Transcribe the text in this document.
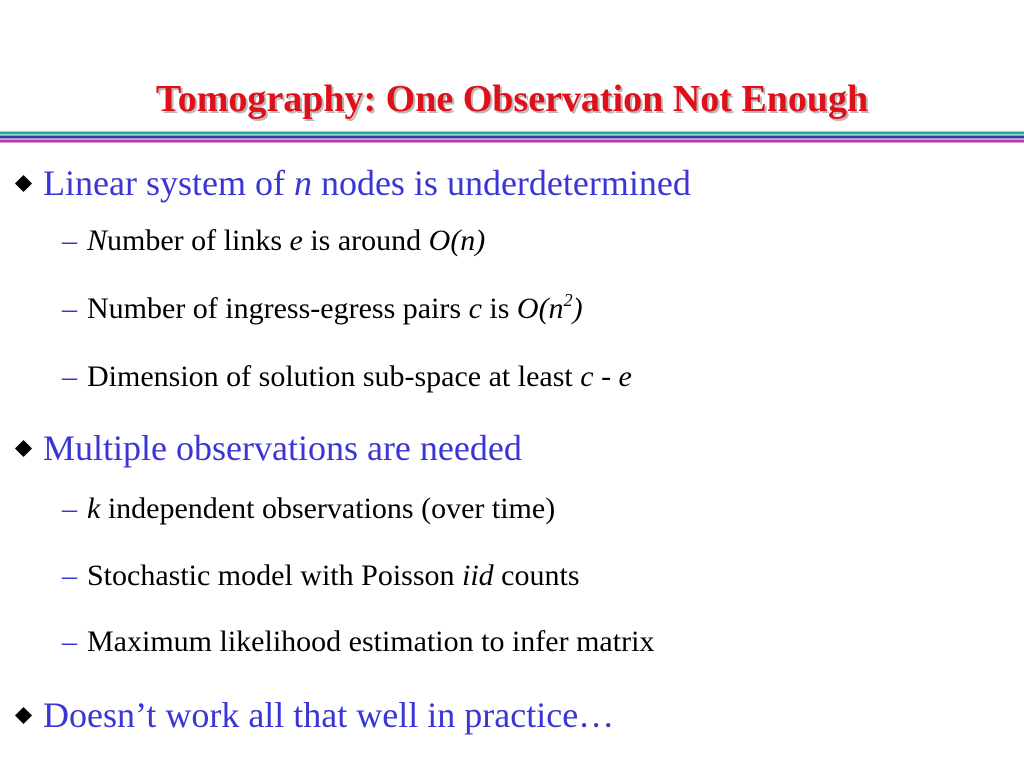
Tomography: One Observation Not Enough
Linear system of n nodes is underdetermined
– Number of links e is around O(n)
– Number of ingress-egress pairs c is $O(n^2)$
– Dimension of solution sub-space at least c - e
Multiple observations are needed
– k independent observations (over time)
– Stochastic model with Poisson iid counts
– Maximum likelihood estimation to infer matrix
Doesn’t work all that well in practice…
